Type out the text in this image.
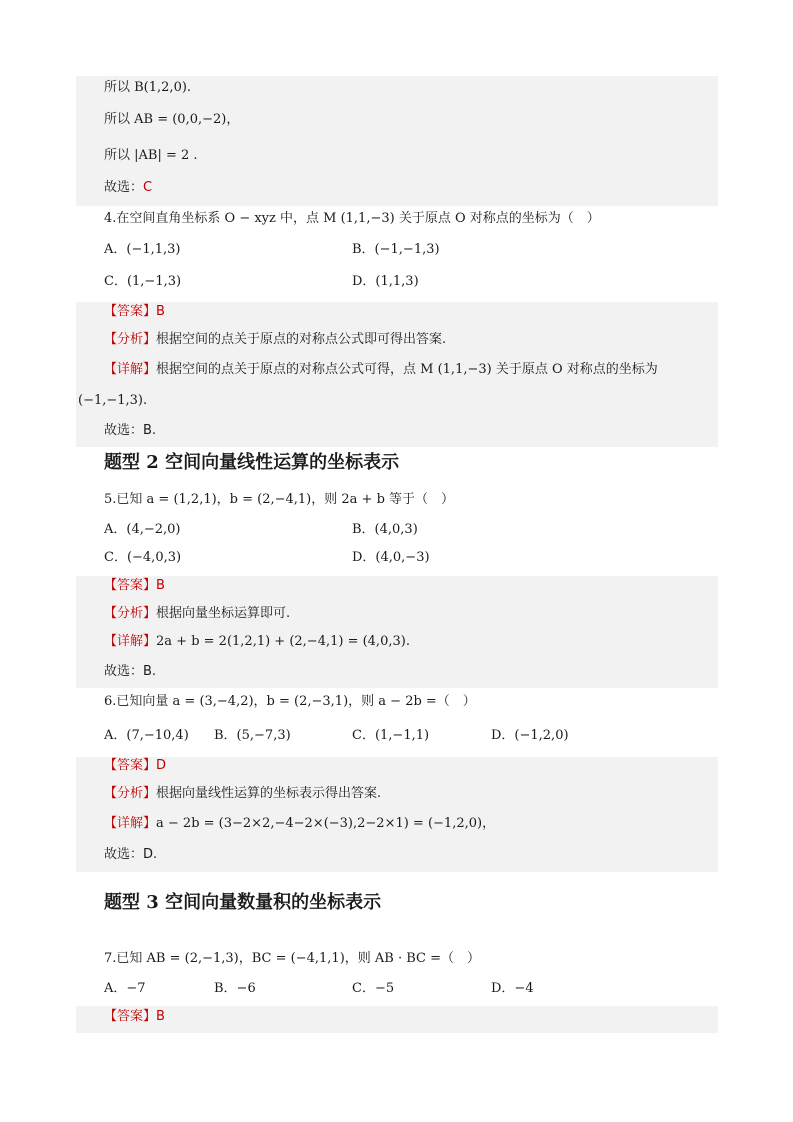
所以 B(1,2,0).
所以 AB = (0,0,−2)，
所以 |AB| = 2 .
故选：C
4.在空间直角坐标系 O − xyz 中，点 M (1,1,−3) 关于原点 O 对称点的坐标为（　）
A．(−1,1,3)	B．(−1,−1,3)
C．(1,−1,3)	D．(1,1,3)
【答案】B
【分析】根据空间的点关于原点的对称点公式即可得出答案.
【详解】根据空间的点关于原点的对称点公式可得，点 M (1,1,−3) 关于原点 O 对称点的坐标为
(−1,−1,3).
故选：B.
题型 2 空间向量线性运算的坐标表示
5.已知 a = (1,2,1)，b = (2,−4,1)，则 2a + b 等于（　）
A．(4,−2,0)	B．(4,0,3)
C．(−4,0,3)	D．(4,0,−3)
【答案】B
【分析】根据向量坐标运算即可.
【详解】2a + b = 2(1,2,1) + (2,−4,1) = (4,0,3).
故选：B.
6.已知向量 a = (3,−4,2)，b = (2,−3,1)，则 a − 2b =（　）
A．(7,−10,4) B．(5,−7,3)	C．(1,−1,1)	D．(−1,2,0)
【答案】D
【分析】根据向量线性运算的坐标表示得出答案.
【详解】a − 2b = (3−2×2,−4−2×(−3),2−2×1) = (−1,2,0)，
故选：D.
题型 3 空间向量数量积的坐标表示
7.已知 AB = (2,−1,3)，BC = (−4,1,1)，则 AB · BC =（　）
A．−7	B．−6	C．−5	D．−4
【答案】B
